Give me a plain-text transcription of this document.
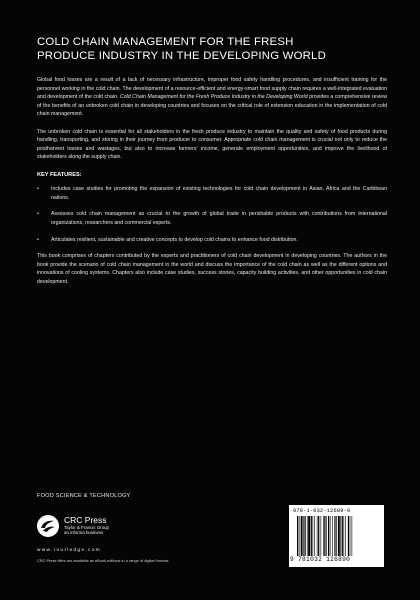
COLD CHAIN MANAGEMENT FOR THE FRESH
PRODUCE INDUSTRY IN THE DEVELOPING WORLD

Global food losses are a result of a lack of necessary infrastructure, improper food safety handling procedures, and insufficient training for the personnel working in the cold chain. The development of a resource-efficient and energy-smart food supply chain requires a well-integrated evaluation and development of the cold chain. Cold Chain Management for the Fresh Produce Industry in the Developing World provides a comprehensive review of the benefits of an unbroken cold chain in developing countries and focuses on the critical role of extension education in the implementation of cold chain management.

The unbroken cold chain is essential for all stakeholders in the fresh produce industry to maintain the quality and safety of food products during handling, transporting, and storing in their journey from producer to consumer. Appropriate cold chain management is crucial not only to reduce the postharvest losses and wastages, but also to increase farmers’ income, generate employment opportunities, and improve the livelihood of stakeholders along the supply chain.

KEY FEATURES:
• Includes case studies for promoting the expansion of existing technologies for cold chain development in Asian, Africa and the Caribbean nations.
• Assesses cold chain management as crucial to the growth of global trade in perishable products with contributions from international organizations, researchers and commercial experts.
• Articulates resilient, sustainable and creative concepts to develop cold chains to enhance food distribution.

This book comprises of chapters contributed by the experts and practitioners of cold chain development in developing countries. The authors in the book provide the scenario of cold chain management in the world and discuss the importance of the cold chain as well as the different options and innovations of cooling systems. Chapters also include case studies, success stories, capacity building activities, and other opportunities in cold chain development.

FOOD SCIENCE & TECHNOLOGY
CRC Press
Taylor & Francis Group
an informa business
www.routledge.com
CRC Press titles are available as eBook editions in a range of digital formats
978-1-032-12689-0
9 781032 126890
